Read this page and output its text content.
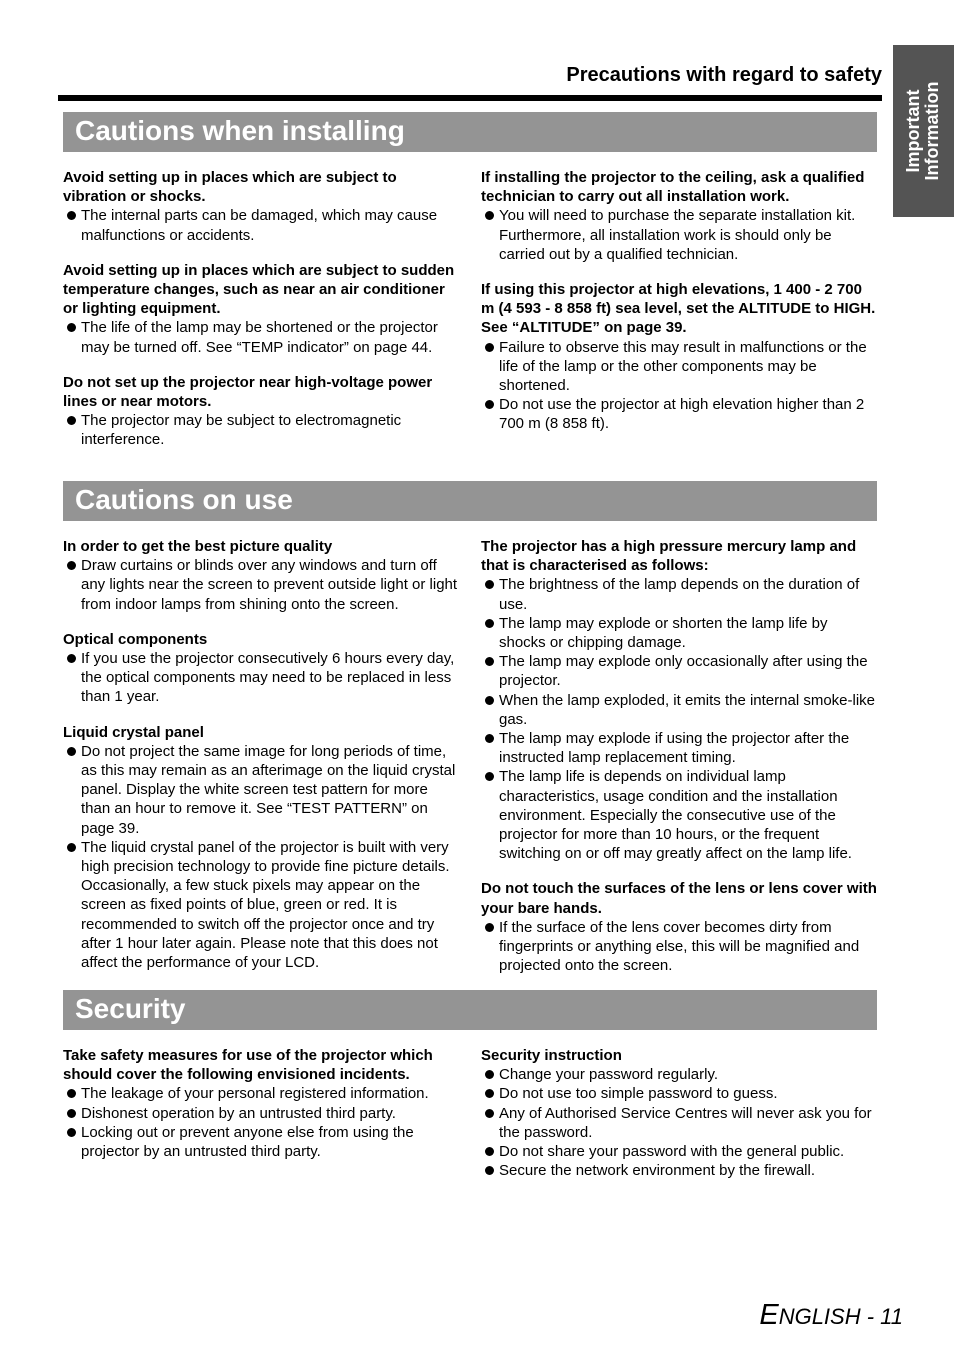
Precautions with regard to safety
Important Information
Cautions when installing
Avoid setting up in places which are subject to vibration or shocks.
The internal parts can be damaged, which may cause malfunctions or accidents.
Avoid setting up in places which are subject to sudden temperature changes, such as near an air conditioner or lighting equipment.
The life of the lamp may be shortened or the projector may be turned off. See “TEMP indicator” on page 44.
Do not set up the projector near high-voltage power lines or near motors.
The projector may be subject to electromagnetic interference.
If installing the projector to the ceiling, ask a qualified technician to carry out all installation work.
You will need to purchase the separate installation kit. Furthermore, all installation work is should only be carried out by a qualified technician.
If using this projector at high elevations, 1 400 - 2 700 m (4 593 - 8 858 ft) sea level, set the ALTITUDE to HIGH. See “ALTITUDE” on page 39.
Failure to observe this may result in malfunctions or the life of the lamp or the other components may be shortened.
Do not use the projector at high elevation higher than 2 700 m (8 858 ft).
Cautions on use
In order to get the best picture quality
Draw curtains or blinds over any windows and turn off any lights near the screen to prevent outside light or light from indoor lamps from shining onto the screen.
Optical components
If you use the projector consecutively 6 hours every day, the optical components may need to be replaced in less than 1 year.
Liquid crystal panel
Do not project the same image for long periods of time, as this may remain as an afterimage on the liquid crystal panel. Display the white screen test pattern for more than an hour to remove it. See “TEST PATTERN” on page 39.
The liquid crystal panel of the projector is built with very high precision technology to provide fine picture details. Occasionally, a few stuck pixels may appear on the screen as fixed points of blue, green or red. It is recommended to switch off the projector once and try after 1 hour later again. Please note that this does not affect the performance of your LCD.
The projector has a high pressure mercury lamp and that is characterised as follows:
The brightness of the lamp depends on the duration of use.
The lamp may explode or shorten the lamp life by shocks or chipping damage.
The lamp may explode only occasionally after using the projector.
When the lamp exploded, it emits the internal smoke-like gas.
The lamp may explode if using the projector after the instructed lamp replacement timing.
The lamp life is depends on individual lamp characteristics, usage condition and the installation environment. Especially the consecutive use of the projector for more than 10 hours, or the frequent switching on or off may greatly affect on the lamp life.
Do not touch the surfaces of the lens or lens cover with your bare hands.
If the surface of the lens cover becomes dirty from fingerprints or anything else, this will be magnified and projected onto the screen.
Security
Take safety measures for use of the projector which should cover the following envisioned incidents.
The leakage of your personal registered information.
Dishonest operation by an untrusted third party.
Locking out or prevent anyone else from using the projector by an untrusted third party.
Security instruction
Change your password regularly.
Do not use too simple password to guess.
Any of Authorised Service Centres will never ask you for the password.
Do not share your password with the general public.
Secure the network environment by the firewall.
ENGLISH - 11
